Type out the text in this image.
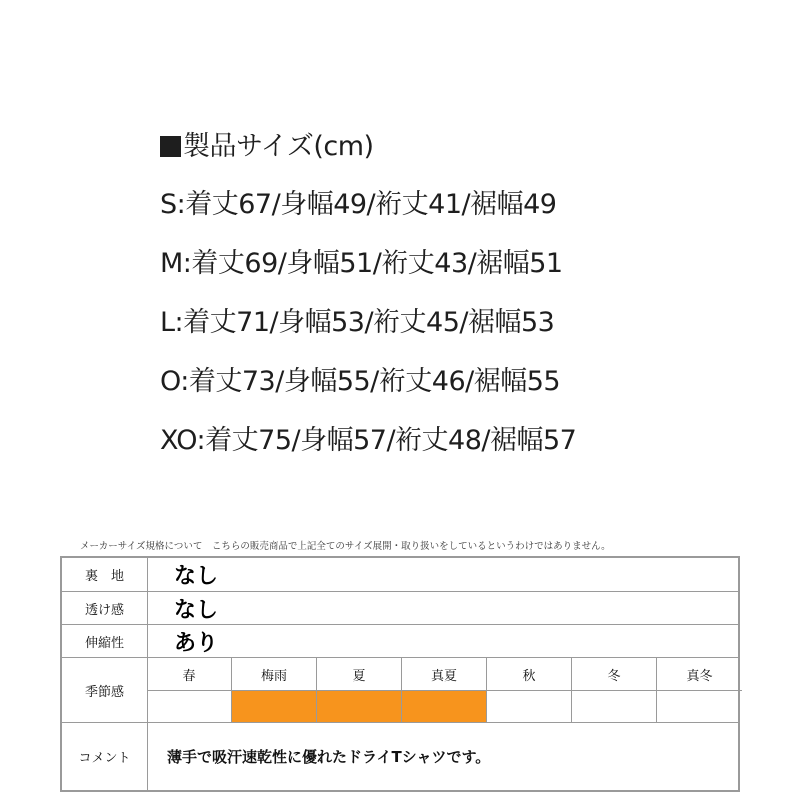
製品サイズ(cm)
S:着丈67/身幅49/裄丈41/裾幅49
M:着丈69/身幅51/裄丈43/裾幅51
L:着丈71/身幅53/裄丈45/裾幅53
O:着丈73/身幅55/裄丈46/裾幅55
XO:着丈75/身幅57/裄丈48/裾幅57
メーカーサイズ規格について　こちらの販売商品で上記全てのサイズ展開・取り扱いをしているというわけではありません。
裏　地	なし
透け感	なし
伸縮性	あり
季節感
春	梅雨	夏	真夏	秋	冬	真冬
コメント	薄手で吸汗速乾性に優れたドライTシャツです。
